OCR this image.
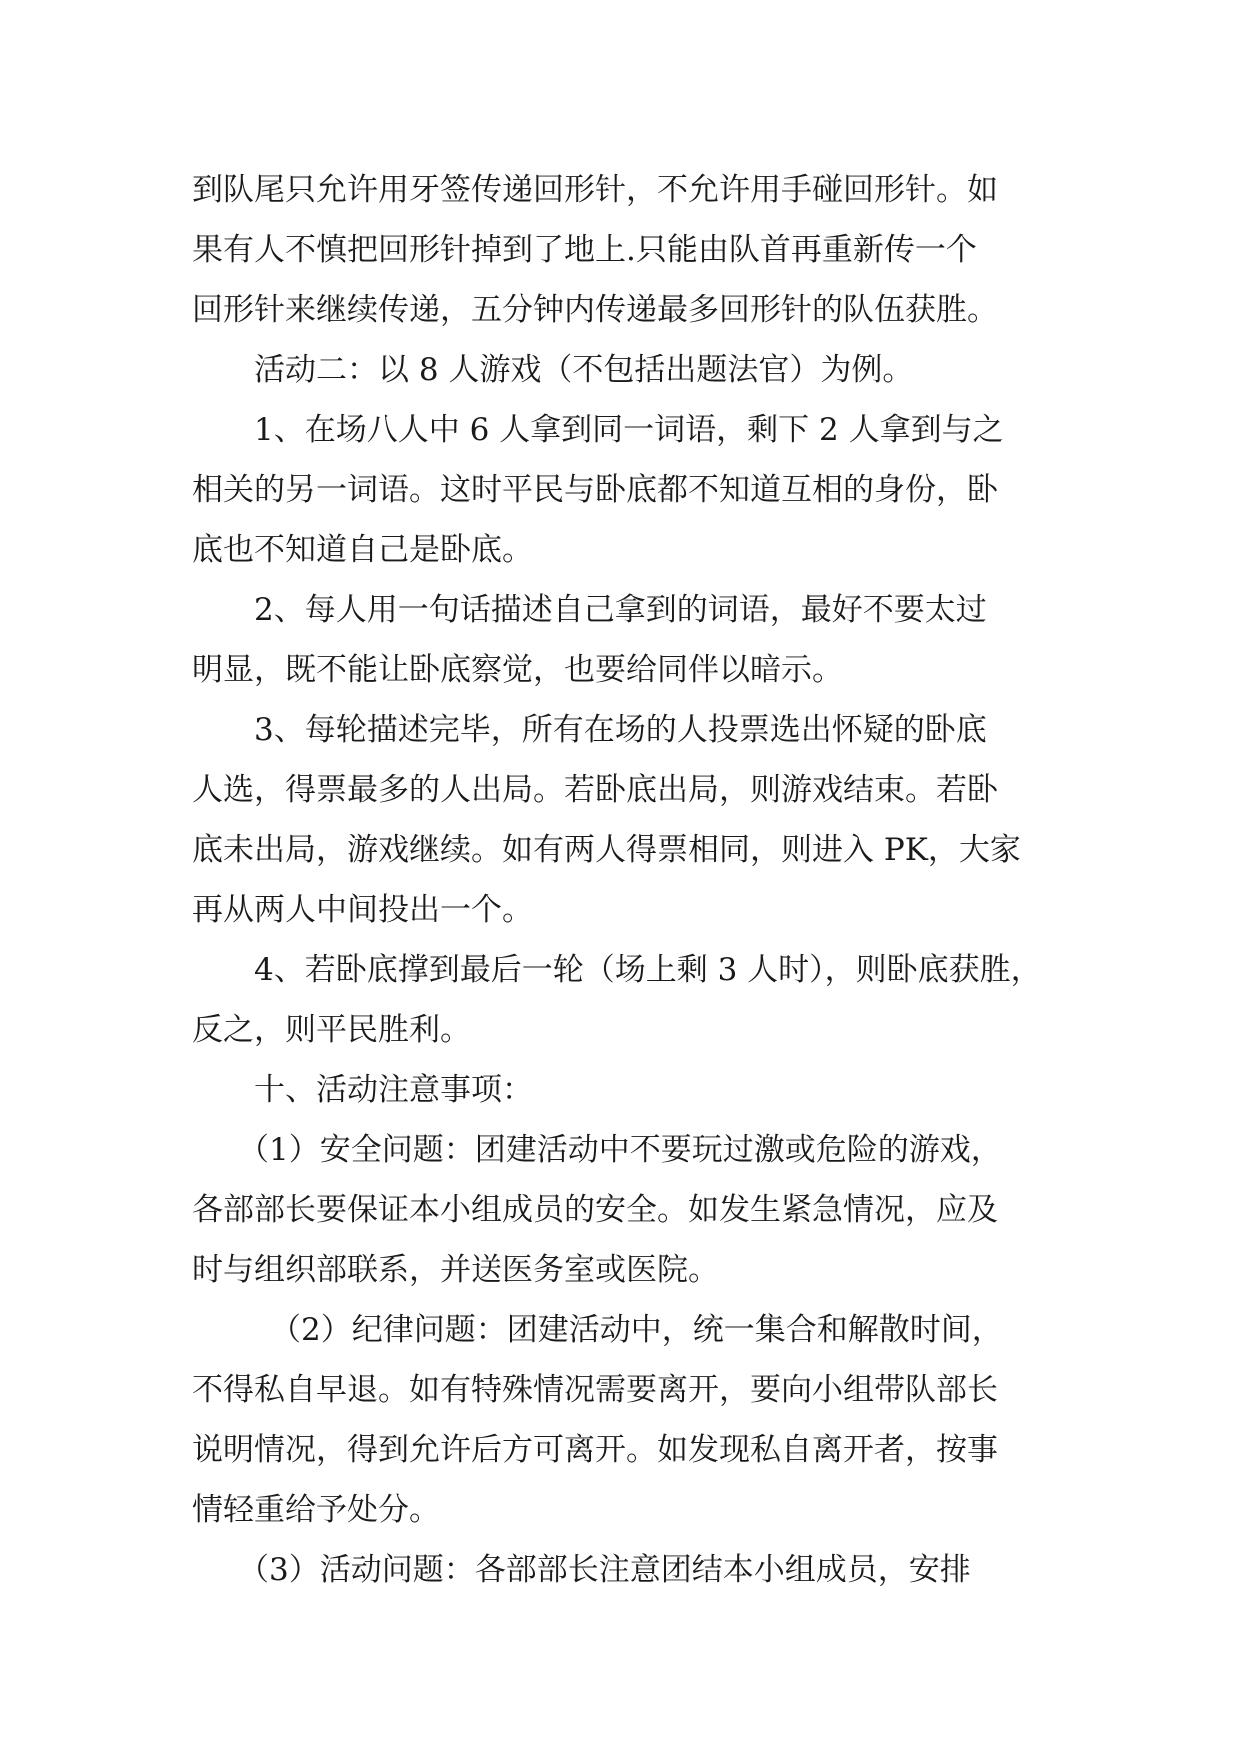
到队尾只允许用牙签传递回形针，不允许用手碰回形针。如
果有人不慎把回形针掉到了地上.只能由队首再重新传一个
回形针来继续传递，五分钟内传递最多回形针的队伍获胜。
活动二：以 8 人游戏（不包括出题法官）为例。
1、在场八人中 6 人拿到同一词语，剩下 2 人拿到与之
相关的另一词语。这时平民与卧底都不知道互相的身份，卧
底也不知道自己是卧底。
2、每人用一句话描述自己拿到的词语，最好不要太过
明显，既不能让卧底察觉，也要给同伴以暗示。
3、每轮描述完毕，所有在场的人投票选出怀疑的卧底
人选，得票最多的人出局。若卧底出局，则游戏结束。若卧
底未出局，游戏继续。如有两人得票相同，则进入 PK，大家
再从两人中间投出一个。
4、若卧底撑到最后一轮（场上剩 3 人时），则卧底获胜，
反之，则平民胜利。
十、活动注意事项：
（1）安全问题：团建活动中不要玩过激或危险的游戏，
各部部长要保证本小组成员的安全。如发生紧急情况，应及
时与组织部联系，并送医务室或医院。
（2）纪律问题：团建活动中，统一集合和解散时间，
不得私自早退。如有特殊情况需要离开，要向小组带队部长
说明情况，得到允许后方可离开。如发现私自离开者，按事
情轻重给予处分。
（3）活动问题：各部部长注意团结本小组成员，安排
